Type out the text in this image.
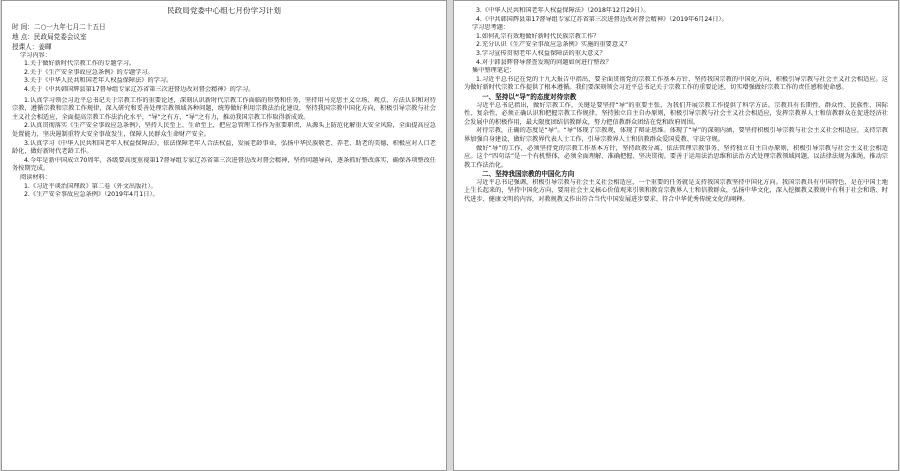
民政局党委中心组七月份学习计划
时 间：二○一九年七月二十五日
地 点：民政局党委会议室
授课人：姜暉
学习内容：
1.关于做好新时代宗教工作的专题学习。
2.关于《生产安全事故应急条例》的专题学习。
3.关于《中华人民共和国老年人权益保障法》的学习。
4.关于《中共韩国辉县第17督导组专家辽苏省第三次进督边改对督会精神》的学习。

1.认真学习领会习近平总书记关于宗教工作的重要论述，深刻认识新时代宗教工作面临的形势和任务，坚持用马克思主义立场、观点、方法认识和对待宗教，遵循宗教和宗教工作规律，深入研究和妥善处理宗教领域各种问题，统筹做好利用宗教法治化建设，坚持我国宗教中国化方向，积极引导宗教与社会主义社会相适应，全面提高宗教工作法治化水平，“导”之有方，“导”之有力，推动我国宗教工作取得新成效。

2.认真贯彻落实《生产安全事故应急条例》，坚持人民至上、生命至上，把应急管理工作作为重要职责，从源头上防范化解重大安全风险，全面提高应急处置能力，坚决遏制重特大安全事故发生，保障人民群众生命财产安全。

3.认真学习《中华人民共和国老年人权益保障法》，依法保障老年人合法权益，发展老龄事业，弘扬中华民族敬老、养老、助老的美德，积极应对人口老龄化，做好新时代老龄工作。

4.今年是新中国成立70周年，各级要高度重视第17督导组专家辽苏省第三次进督边改对督会精神，坚持问题导向，逐条抓好整改落实，确保各项整改任务按期完成。

阅读材料：
1.《习近平谈治国理政》第二卷（外文出版社）。
2.《生产安全事故应急条例》（2019年4月1日）。
3.《中华人民共和国老年人权益保障法》（2018年12月29日）。
4.《中共韩国辉县第17督导组专家辽苏省第三次进督边改对督会精神》（2019年6月24日）。
学习思考题：
1.如何礼宗有效地做好新时代民族宗教工作？
2.充分认识《生产安全事故应急条例》实施的重要意义？
3.学习宣传贯彻老年人权益保障法的重大意义？
4.对于韩县辉督导督查发现的问题如何进行整改？
集中整理笔记：

1.习近平总书记在党的十九大报告中指出，要全面贯彻党的宗教工作基本方针，坚持我国宗教的中国化方向，积极引导宗教与社会主义社会相适应。这为做好新时代宗教工作提供了根本遵循。我们要深刻领会习近平总书记关于宗教工作的重要论述，切实增强做好宗教工作的责任感和使命感。

一、坚持以“导”的态度对待宗教

习近平总书记指出，做好宗教工作，关键是要坚持“导”的重要主张，为我们开展宗教工作提供了科学方法。宗教具有长期性、群众性、民族性、国际性、复杂性，必须正确认识和把握宗教工作规律，坚持独立自主自办原则，积极引导宗教与社会主义社会相适应，发挥宗教界人士和信教群众在促进经济社会发展中的积极作用，最大限度团结信教群众，努力把信教群众团结在党和政府周围。

对待宗教，正确的态度是“导”。“导”体现了宗教观，体现了辩证思维。体现了“导”的深刻内涵，要坚持积极引导宗教与社会主义社会相适应，支持宗教界加强自身建设，做好宗教界代表人士工作，引导宗教界人士和信教群众爱国爱教、守法守规。

做好“导”的工作，必须坚持党的宗教工作基本方针，坚持政教分离，依法管理宗教事务，坚持独立自主自办原则，积极引导宗教与社会主义社会相适应。这个“四句话”是一个有机整体，必须全面理解、准确把握、坚决贯彻。要善于运用法治思维和法治方式处理宗教领域问题，以法律法规为准绳，推动宗教工作法治化。

二、坚持我国宗教的中国化方向

习近平总书记强调，积极引导宗教与社会主义社会相适应，一个重要的任务就是支持我国宗教坚持中国化方向。我国宗教具有中国特色，是在中国土地上生长起来的，坚持中国化方向，要用社会主义核心价值观来引领和教育宗教界人士和信教群众，弘扬中华文化，深入挖掘教义教规中有利于社会和谐、时代进步、健康文明的内容，对教规教义作出符合当代中国发展进步要求、符合中华优秀传统文化的阐释。
